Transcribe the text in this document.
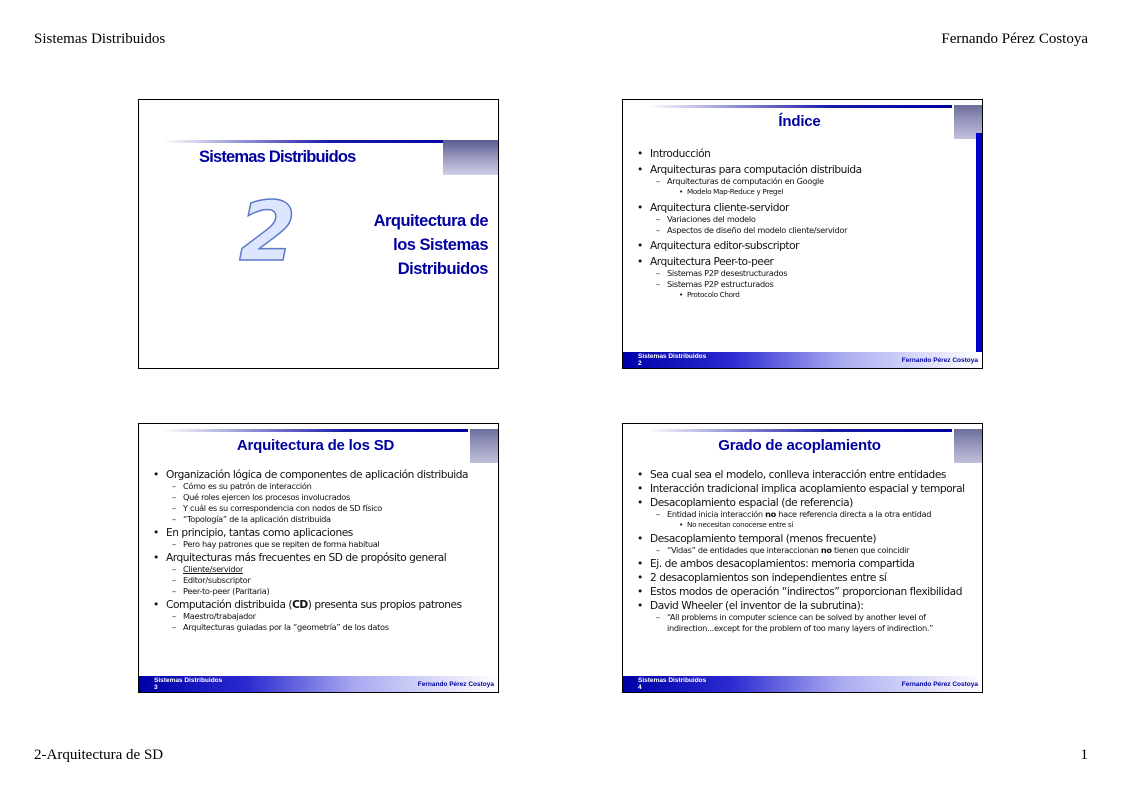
Sistemas Distribuidos	Fernando Pérez Costoya
Sistemas Distribuidos
2	Arquitectura de
los Sistemas
Distribuidos
Índice
• Introducción
• Arquitecturas para computación distribuida
– Arquitecturas de computación en Google
• Modelo Map-Reduce y Pregel
• Arquitectura cliente-servidor
– Variaciones del modelo
– Aspectos de diseño del modelo cliente/servidor
• Arquitectura editor-subscriptor
• Arquitectura Peer-to-peer
– Sistemas P2P desestructurados
– Sistemas P2P estructurados
• Protocolo Chord
Sistemas Distribuidos
2	Fernando Pérez Costoya
Arquitectura de los SD
• Organización lógica de componentes de aplicación distribuida
– Cómo es su patrón de interacción
– Qué roles ejercen los procesos involucrados
– Y cuál es su correspondencia con nodos de SD físico
– “Topología” de la aplicación distribuida
• En principio, tantas como aplicaciones
– Pero hay patrones que se repiten de forma habitual
• Arquitecturas más frecuentes en SD de propósito general
– Cliente/servidor
– Editor/subscriptor
– Peer-to-peer (Paritaria)
• Computación distribuida (CD) presenta sus propios patrones
– Maestro/trabajador
– Arquitecturas guiadas por la “geometría” de los datos
Sistemas Distribuidos
3	Fernando Pérez Costoya
Grado de acoplamiento
• Sea cual sea el modelo, conlleva interacción entre entidades
• Interacción tradicional implica acoplamiento espacial y temporal
• Desacoplamiento espacial (de referencia)
– Entidad inicia interacción no hace referencia directa a la otra entidad
• No necesitan conocerse entre sí
• Desacoplamiento temporal (menos frecuente)
– “Vidas” de entidades que interaccionan no tienen que coincidir
• Ej. de ambos desacoplamientos: memoria compartida
• 2 desacoplamientos son independientes entre sí
• Estos modos de operación “indirectos” proporcionan flexibilidad
• David Wheeler (el inventor de la subrutina):
– “All problems in computer science can be solved by another level of
indirection...except for the problem of too many layers of indirection.”
Sistemas Distribuidos
4	Fernando Pérez Costoya
2-Arquitectura de SD	1
